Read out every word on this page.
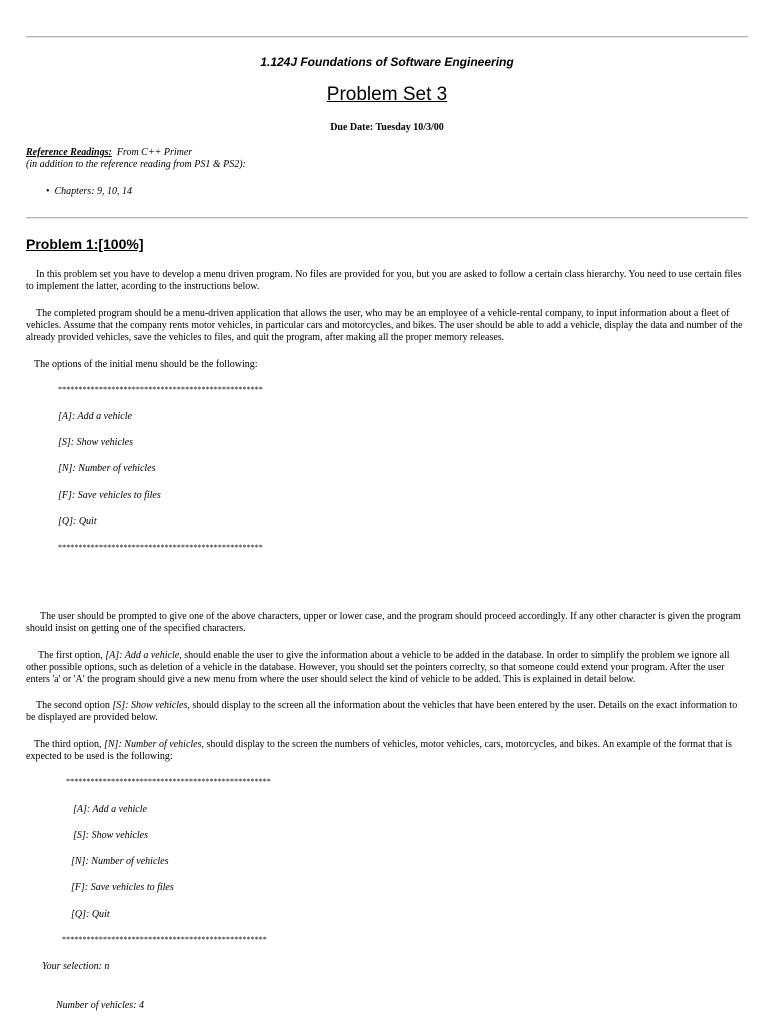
1.124J Foundations of Software Engineering
Problem Set 3
Due Date: Tuesday 10/3/00
Reference Readings: From C++ Primer
(in addition to the reference reading from PS1 & PS2):
• Chapters: 9, 10, 14
Problem 1:[100%]
In this problem set you have to develop a menu driven program. No files are provided for you, but you are asked to follow a certain class hierarchy. You need to use certain files to implement the latter, acording to the instructions below.
The completed program should be a menu-driven application that allows the user, who may be an employee of a vehicle-rental company, to input information about a fleet of vehicles. Assume that the company rents motor vehicles, in particular cars and motorcycles, and bikes. The user should be able to add a vehicle, display the data and number of the already provided vehicles, save the vehicles to files, and quit the program, after making all the proper memory releases.
The options of the initial menu should be the following:
**************************************************
[A]: Add a vehicle
[S]: Show vehicles
[N]: Number of vehicles
[F]: Save vehicles to files
[Q]: Quit
**************************************************
The user should be prompted to give one of the above characters, upper or lower case, and the program should proceed accordingly. If any other character is given the program should insist on getting one of the specified characters.
The first option, [A]: Add a vehicle, should enable the user to give the information about a vehicle to be added in the database. In order to simplify the problem we ignore all other possible options, such as deletion of a vehicle in the database. However, you should set the pointers correclty, so that someone could extend your program. After the user enters 'a' or 'A' the program should give a new menu from where the user should select the kind of vehicle to be added. This is explained in detail below.
The second option [S]: Show vehicles, should display to the screen all the information about the vehicles that have been entered by the user. Details on the exact information to be displayed are provided below.
The third option, [N]: Number of vehicles, should display to the screen the numbers of vehicles, motor vehicles, cars, motorcycles, and bikes. An example of the format that is expected to be used is the following:
**************************************************
[A]: Add a vehicle
[S]: Show vehicles
[N]: Number of vehicles
[F]: Save vehicles to files
[Q]: Quit
**************************************************
Your selection: n
Number of vehicles: 4
